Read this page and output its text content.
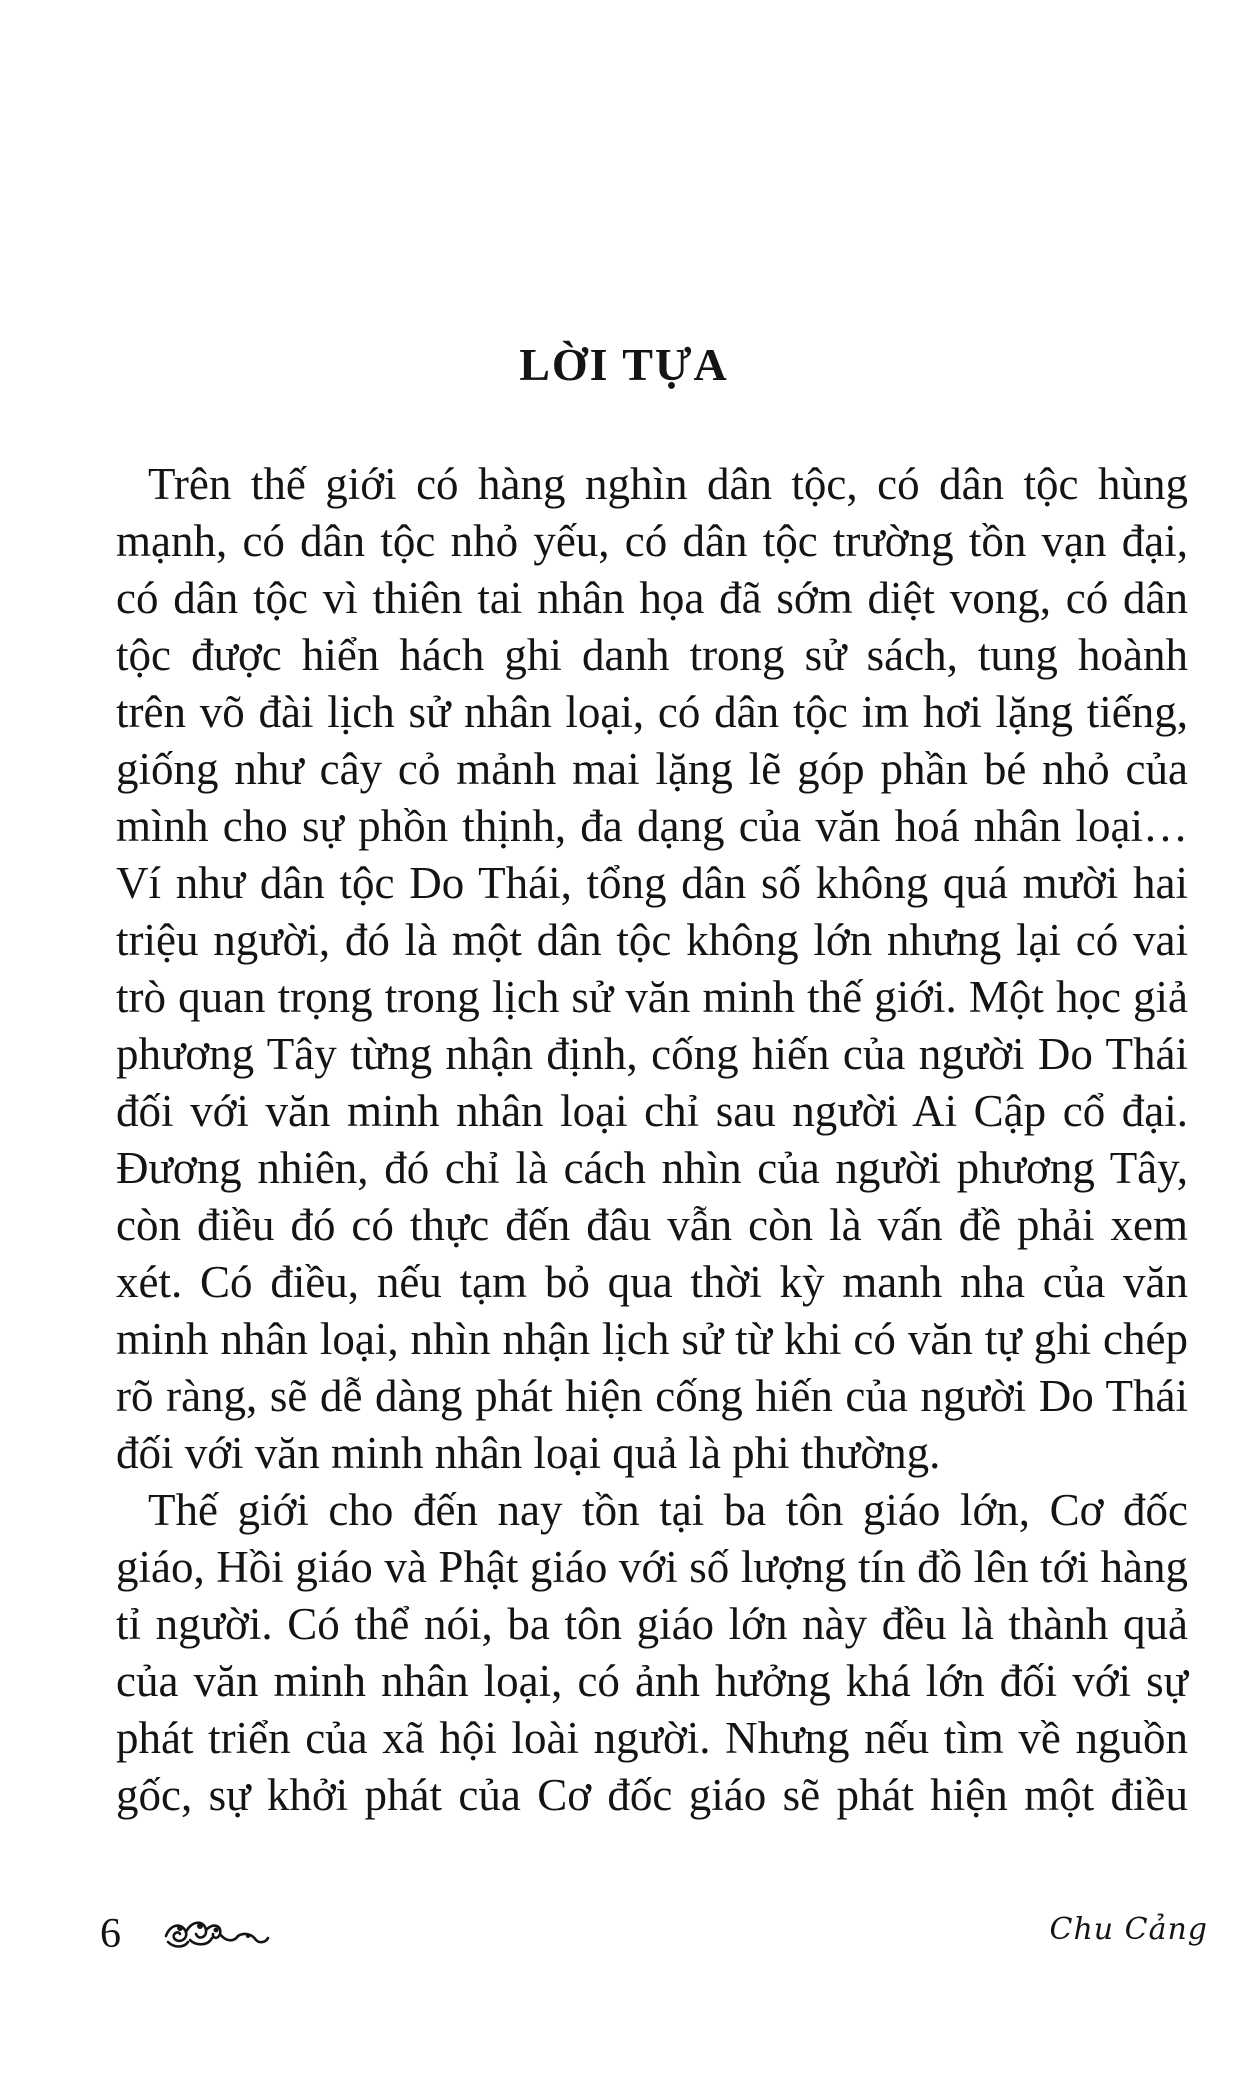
LỜI TỰA

Trên thế giới có hàng nghìn dân tộc, có dân tộc hùng
mạnh, có dân tộc nhỏ yếu, có dân tộc trường tồn vạn đại,
có dân tộc vì thiên tai nhân họa đã sớm diệt vong, có dân
tộc được hiển hách ghi danh trong sử sách, tung hoành
trên võ đài lịch sử nhân loại, có dân tộc im hơi lặng tiếng,
giống như cây cỏ mảnh mai lặng lẽ góp phần bé nhỏ của
mình cho sự phồn thịnh, đa dạng của văn hoá nhân loại…
Ví như dân tộc Do Thái, tổng dân số không quá mười hai
triệu người, đó là một dân tộc không lớn nhưng lại có vai
trò quan trọng trong lịch sử văn minh thế giới. Một học giả
phương Tây từng nhận định, cống hiến của người Do Thái
đối với văn minh nhân loại chỉ sau người Ai Cập cổ đại.
Đương nhiên, đó chỉ là cách nhìn của người phương Tây,
còn điều đó có thực đến đâu vẫn còn là vấn đề phải xem
xét. Có điều, nếu tạm bỏ qua thời kỳ manh nha của văn
minh nhân loại, nhìn nhận lịch sử từ khi có văn tự ghi chép
rõ ràng, sẽ dễ dàng phát hiện cống hiến của người Do Thái
đối với văn minh nhân loại quả là phi thường.

Thế giới cho đến nay tồn tại ba tôn giáo lớn, Cơ đốc
giáo, Hồi giáo và Phật giáo với số lượng tín đồ lên tới hàng
tỉ người. Có thể nói, ba tôn giáo lớn này đều là thành quả
của văn minh nhân loại, có ảnh hưởng khá lớn đối với sự
phát triển của xã hội loài người. Nhưng nếu tìm về nguồn
gốc, sự khởi phát của Cơ đốc giáo sẽ phát hiện một điều

6	Chu Cảng
